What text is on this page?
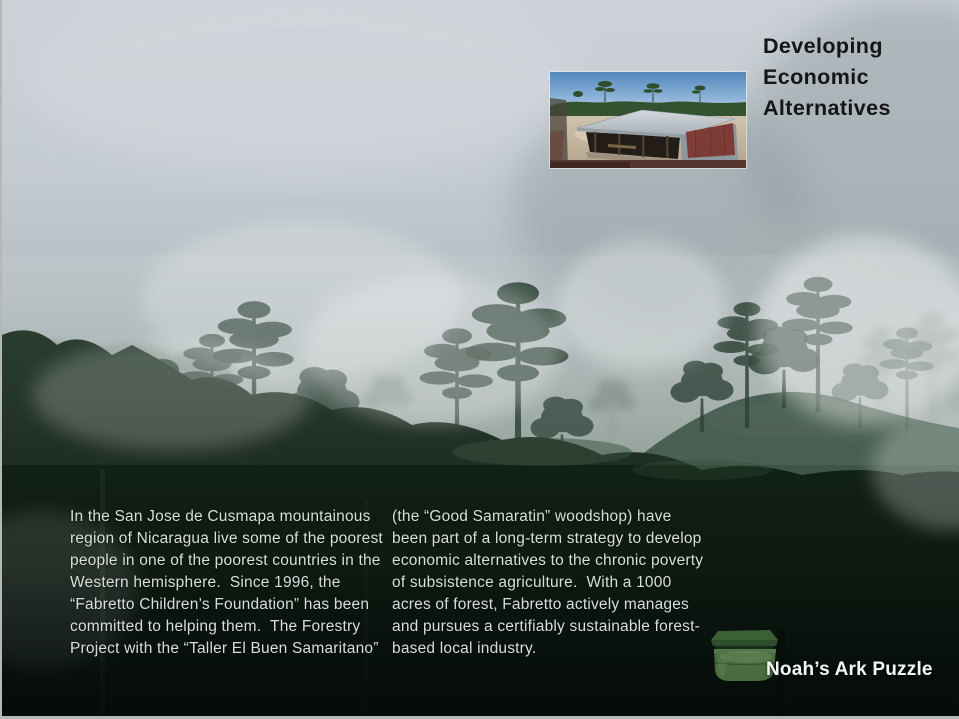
Developing Economic Alternatives
In the San Jose de Cusmapa mountainous
region of Nicaragua live some of the poorest
people in one of the poorest countries in the
Western hemisphere.  Since 1996, the
“Fabretto Children’s Foundation” has been
committed to helping them.  The Forestry
Project with the “Taller El Buen Samaritano”
(the “Good Samaratin” woodshop) have
been part of a long-term strategy to develop
economic alternatives to the chronic poverty
of subsistence agriculture.  With a 1000
acres of forest, Fabretto actively manages
and pursues a certifiably sustainable forest-
based local industry.
Noah’s Ark Puzzle
